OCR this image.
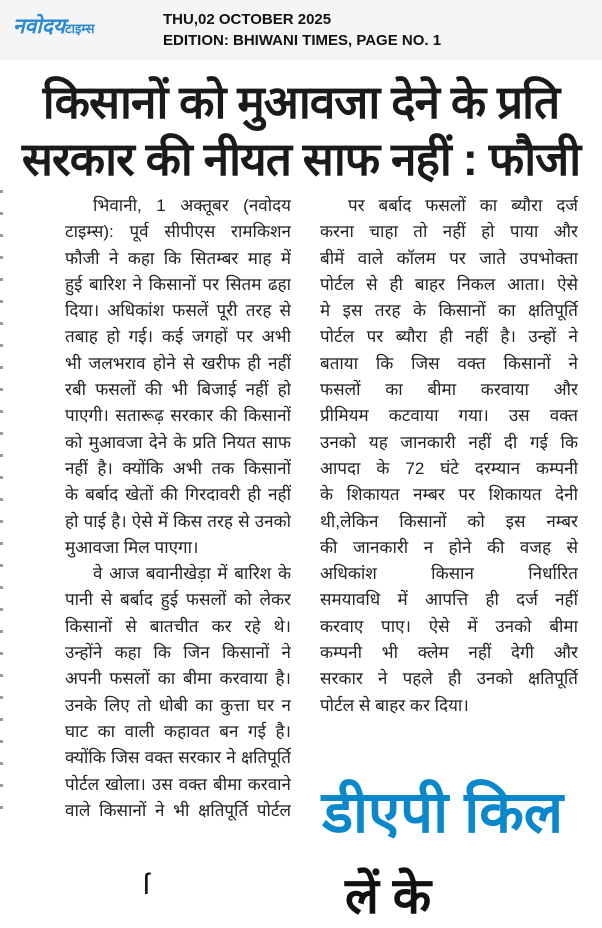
नवोदयटाइम्स
THU,02 OCTOBER 2025
EDITION: BHIWANI TIMES, PAGE NO. 1
किसानों को मुआवजा देने के प्रति
सरकार की नीयत साफ नहीं : फौजी
भिवानी, 1 अक्तूबर (नवोदय
टाइम्स): पूर्व सीपीएस रामकिशन
फौजी ने कहा कि सितम्बर माह में
हुई बारिश ने किसानों पर सितम ढहा
दिया। अधिकांश फसलें पूरी तरह से
तबाह हो गई। कई जगहों पर अभी
भी जलभराव होने से खरीफ ही नहीं
रबी फसलों की भी बिजाई नहीं हो
पाएगी। सतारूढ़ सरकार की किसानों
को मुआवजा देने के प्रति नियत साफ
नहीं है। क्योंकि अभी तक किसानों
के बर्बाद खेतों की गिरदावरी ही नहीं
हो पाई है। ऐसे में किस तरह से उनको
मुआवजा मिल पाएगा।
वे आज बवानीखेड़ा में बारिश के
पानी से बर्बाद हुई फसलों को लेकर
किसानों से बातचीत कर रहे थे।
उन्होंने कहा कि जिन किसानों ने
अपनी फसलों का बीमा करवाया है।
उनके लिए तो धोबी का कुत्ता घर न
घाट का वाली कहावत बन गई है।
क्योंकि जिस वक्त सरकार ने क्षतिपूर्ति
पोर्टल खोला। उस वक्त बीमा करवाने
वाले किसानों ने भी क्षतिपूर्ति पोर्टल
पर बर्बाद फसलों का ब्यौरा दर्ज
करना चाहा तो नहीं हो पाया और
बीमें वाले कॉलम पर जाते उपभोक्ता
पोर्टल से ही बाहर निकल आता। ऐसे
मे इस तरह के किसानों का क्षतिपूर्ति
पोर्टल पर ब्यौरा ही नहीं है। उन्हों ने
बताया कि जिस वक्त किसानों ने
फसलों का बीमा करवाया और
प्रीमियम कटवाया गया। उस वक्त
उनको यह जानकारी नहीं दी गई कि
आपदा के 72 घंटे दरम्यान कम्पनी
के शिकायत नम्बर पर शिकायत देनी
थी,लेकिन किसानों को इस नम्बर
की जानकारी न होने की वजह से
अधिकांश किसान निर्धारित
समयावधि में आपत्ति ही दर्ज नहीं
करवाए पाए। ऐसे में उनको बीमा
कम्पनी भी क्लेम नहीं देगी और
सरकार ने पहले ही उनको क्षतिपूर्ति
पोर्टल से बाहर कर दिया।
ſ
डीएपी किल
लें के
